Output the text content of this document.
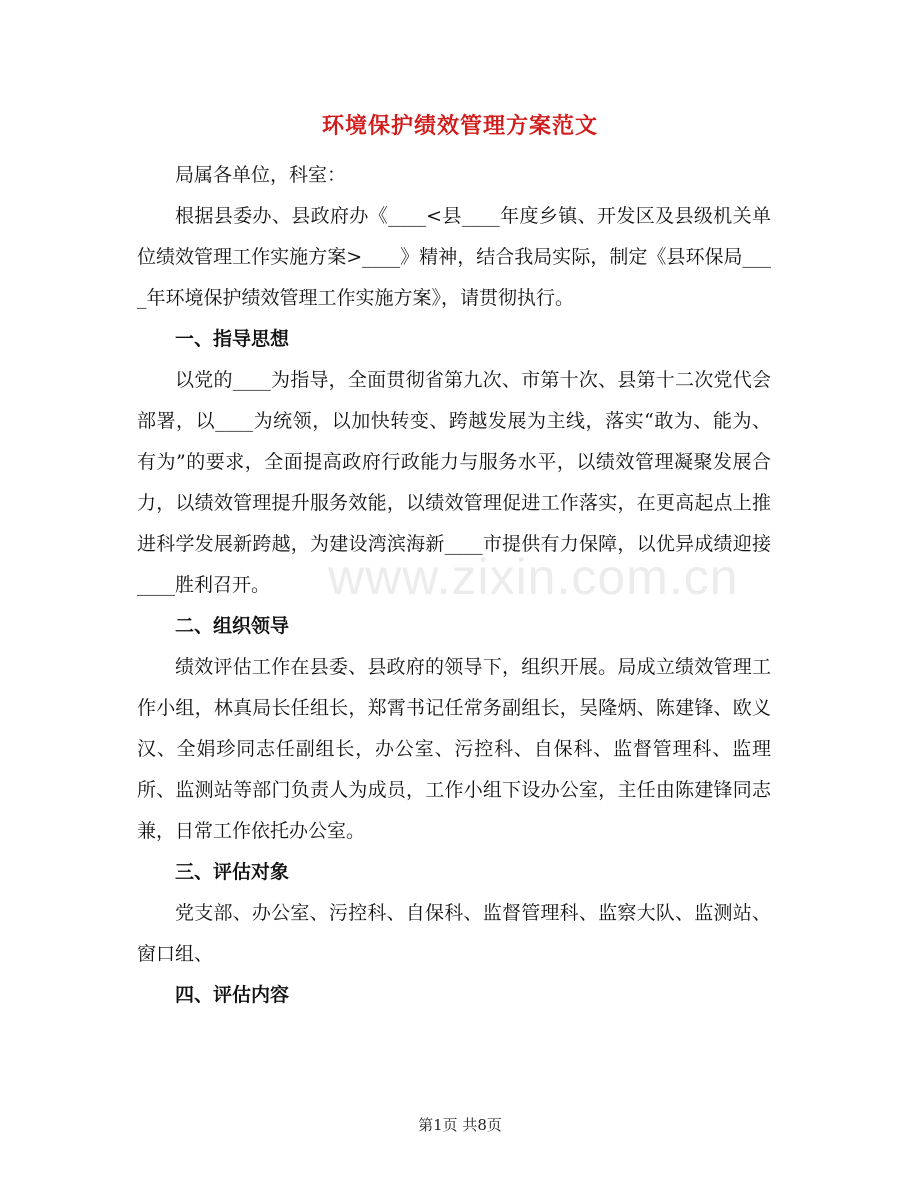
环境保护绩效管理方案范文

局属各单位，科室：

根据县委办、县政府办《____<县____年度乡镇、开发区及县级机关单位绩效管理工作实施方案>____》精神，结合我局实际，制定《县环保局____年环境保护绩效管理工作实施方案》，请贯彻执行。

一、指导思想

以党的____为指导，全面贯彻省第九次、市第十次、县第十二次党代会部署，以____为统领，以加快转变、跨越发展为主线，落实“敢为、能为、有为”的要求，全面提高政府行政能力与服务水平，以绩效管理凝聚发展合力，以绩效管理提升服务效能，以绩效管理促进工作落实，在更高起点上推进科学发展新跨越，为建设湾滨海新____市提供有力保障，以优异成绩迎接____胜利召开。

二、组织领导

绩效评估工作在县委、县政府的领导下，组织开展。局成立绩效管理工作小组，林真局长任组长，郑霄书记任常务副组长，吴隆炳、陈建锋、欧义汉、全娟珍同志任副组长，办公室、污控科、自保科、监督管理科、监理所、监测站等部门负责人为成员，工作小组下设办公室，主任由陈建锋同志兼，日常工作依托办公室。

三、评估对象

党支部、办公室、污控科、自保科、监督管理科、监察大队、监测站、窗口组、

四、评估内容

www.zixin.com.cn
第1页 共8页
